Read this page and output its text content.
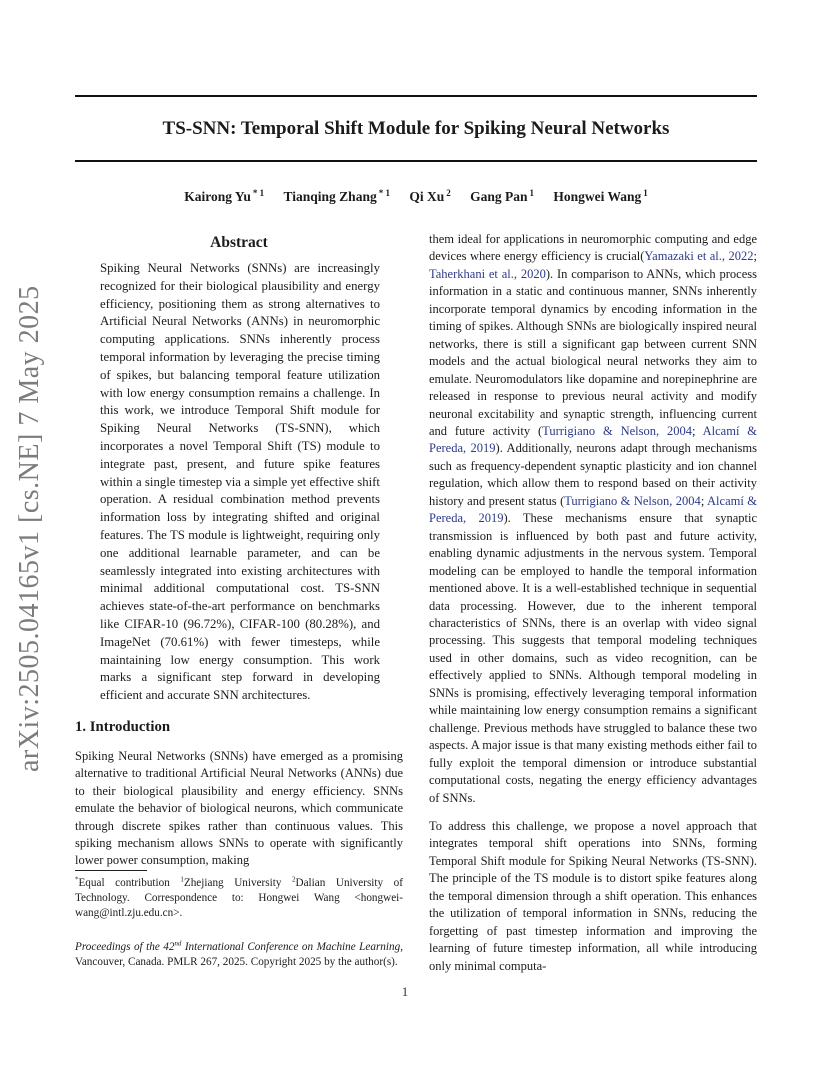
arXiv:2505.04165v1 [cs.NE] 7 May 2025
TS-SNN: Temporal Shift Module for Spiking Neural Networks
Kairong Yu $^{* 1}$ Tianqing Zhang $^{* 1}$ Qi Xu $^2$ Gang Pan $^1$ Hongwei Wang $^1$
Abstract
Spiking Neural Networks (SNNs) are increasingly recognized for their biological plausibility and energy efficiency, positioning them as strong alternatives to Artificial Neural Networks (ANNs) in neuromorphic computing applications. SNNs inherently process temporal information by leveraging the precise timing of spikes, but balancing temporal feature utilization with low energy consumption remains a challenge. In this work, we introduce Temporal Shift module for Spiking Neural Networks (TS-SNN), which incorporates a novel Temporal Shift (TS) module to integrate past, present, and future spike features within a single timestep via a simple yet effective shift operation. A residual combination method prevents information loss by integrating shifted and original features. The TS module is lightweight, requiring only one additional learnable parameter, and can be seamlessly integrated into existing architectures with minimal additional computational cost. TS-SNN achieves state-of-the-art performance on benchmarks like CIFAR-10 (96.72%), CIFAR-100 (80.28%), and ImageNet (70.61%) with fewer timesteps, while maintaining low energy consumption. This work marks a significant step forward in developing efficient and accurate SNN architectures.
1. Introduction
Spiking Neural Networks (SNNs) have emerged as a promising alternative to traditional Artificial Neural Networks (ANNs) due to their biological plausibility and energy efficiency. SNNs emulate the behavior of biological neurons, which communicate through discrete spikes rather than continuous values. This spiking mechanism allows SNNs to operate with significantly lower power consumption, making
*Equal contribution $^1$Zhejiang University $^2$Dalian University of Technology. Correspondence to: Hongwei Wang <hongwei-wang@intl.zju.edu.cn>.
Proceedings of the 42nd International Conference on Machine Learning, Vancouver, Canada. PMLR 267, 2025. Copyright 2025 by the author(s).

them ideal for applications in neuromorphic computing and edge devices where energy efficiency is crucial(Yamazaki et al., 2022; Taherkhani et al., 2020). In comparison to ANNs, which process information in a static and continuous manner, SNNs inherently incorporate temporal dynamics by encoding information in the timing of spikes. Although SNNs are biologically inspired neural networks, there is still a significant gap between current SNN models and the actual biological neural networks they aim to emulate. Neuromodulators like dopamine and norepinephrine are released in response to previous neural activity and modify neuronal excitability and synaptic strength, influencing current and future activity (Turrigiano & Nelson, 2004; Alcamí & Pereda, 2019). Additionally, neurons adapt through mechanisms such as frequency-dependent synaptic plasticity and ion channel regulation, which allow them to respond based on their activity history and present status (Turrigiano & Nelson, 2004; Alcamí & Pereda, 2019). These mechanisms ensure that synaptic transmission is influenced by both past and future activity, enabling dynamic adjustments in the nervous system. Temporal modeling can be employed to handle the temporal information mentioned above. It is a well-established technique in sequential data processing. However, due to the inherent temporal characteristics of SNNs, there is an overlap with video signal processing. This suggests that temporal modeling techniques used in other domains, such as video recognition, can be effectively applied to SNNs. Although temporal modeling in SNNs is promising, effectively leveraging temporal information while maintaining low energy consumption remains a significant challenge. Previous methods have struggled to balance these two aspects. A major issue is that many existing methods either fail to fully exploit the temporal dimension or introduce substantial computational costs, negating the energy efficiency advantages of SNNs.

To address this challenge, we propose a novel approach that integrates temporal shift operations into SNNs, forming Temporal Shift module for Spiking Neural Networks (TS-SNN). The principle of the TS module is to distort spike features along the temporal dimension through a shift operation. This enhances the utilization of temporal information in SNNs, reducing the forgetting of past timestep information and improving the learning of future timestep information, all while introducing only minimal computa-

1
